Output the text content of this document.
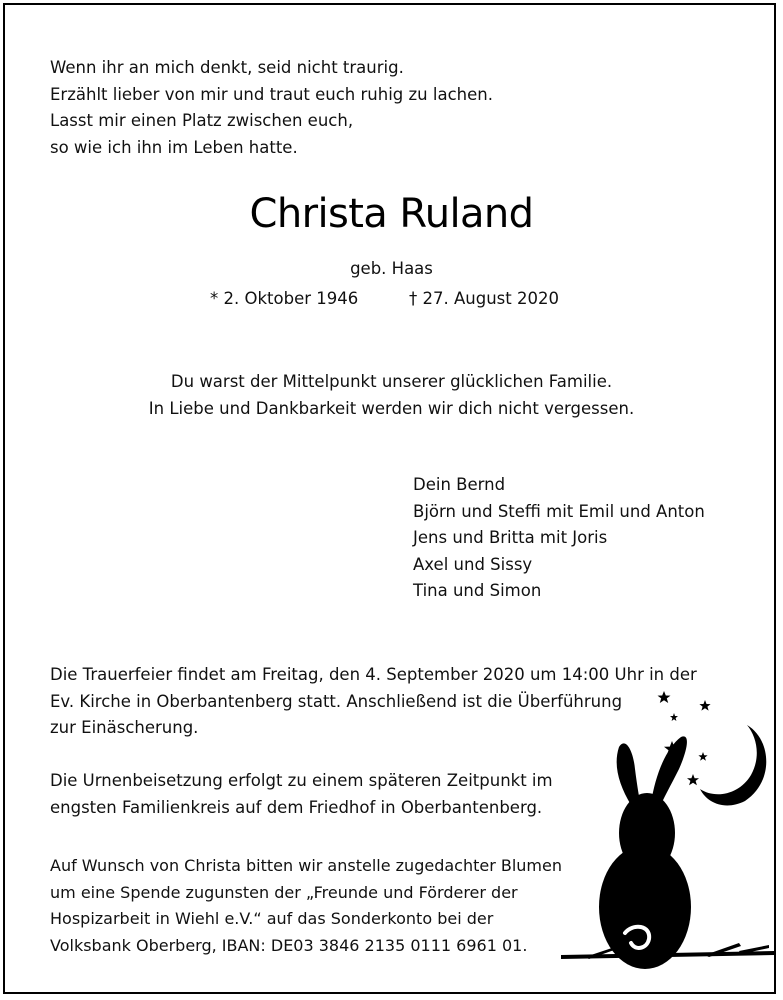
Wenn ihr an mich denkt, seid nicht traurig.
Erzählt lieber von mir und traut euch ruhig zu lachen.
Lasst mir einen Platz zwischen euch,
so wie ich ihn im Leben hatte.
Christa Ruland
geb. Haas
* 2. Oktober 1946	† 27. August 2020
Du warst der Mittelpunkt unserer glücklichen Familie.
In Liebe und Dankbarkeit werden wir dich nicht vergessen.
Dein Bernd
Björn und Steffi mit Emil und Anton
Jens und Britta mit Joris
Axel und Sissy
Tina und Simon
Die Trauerfeier findet am Freitag, den 4. September 2020 um 14:00 Uhr in der
Ev. Kirche in Oberbantenberg statt. Anschließend ist die Überführung
zur Einäscherung.
Die Urnenbeisetzung erfolgt zu einem späteren Zeitpunkt im
engsten Familienkreis auf dem Friedhof in Oberbantenberg.
Auf Wunsch von Christa bitten wir anstelle zugedachter Blumen
um eine Spende zugunsten der „Freunde und Förderer der
Hospizarbeit in Wiehl e.V.“ auf das Sonderkonto bei der
Volksbank Oberberg, IBAN: DE03 3846 2135 0111 6961 01.
